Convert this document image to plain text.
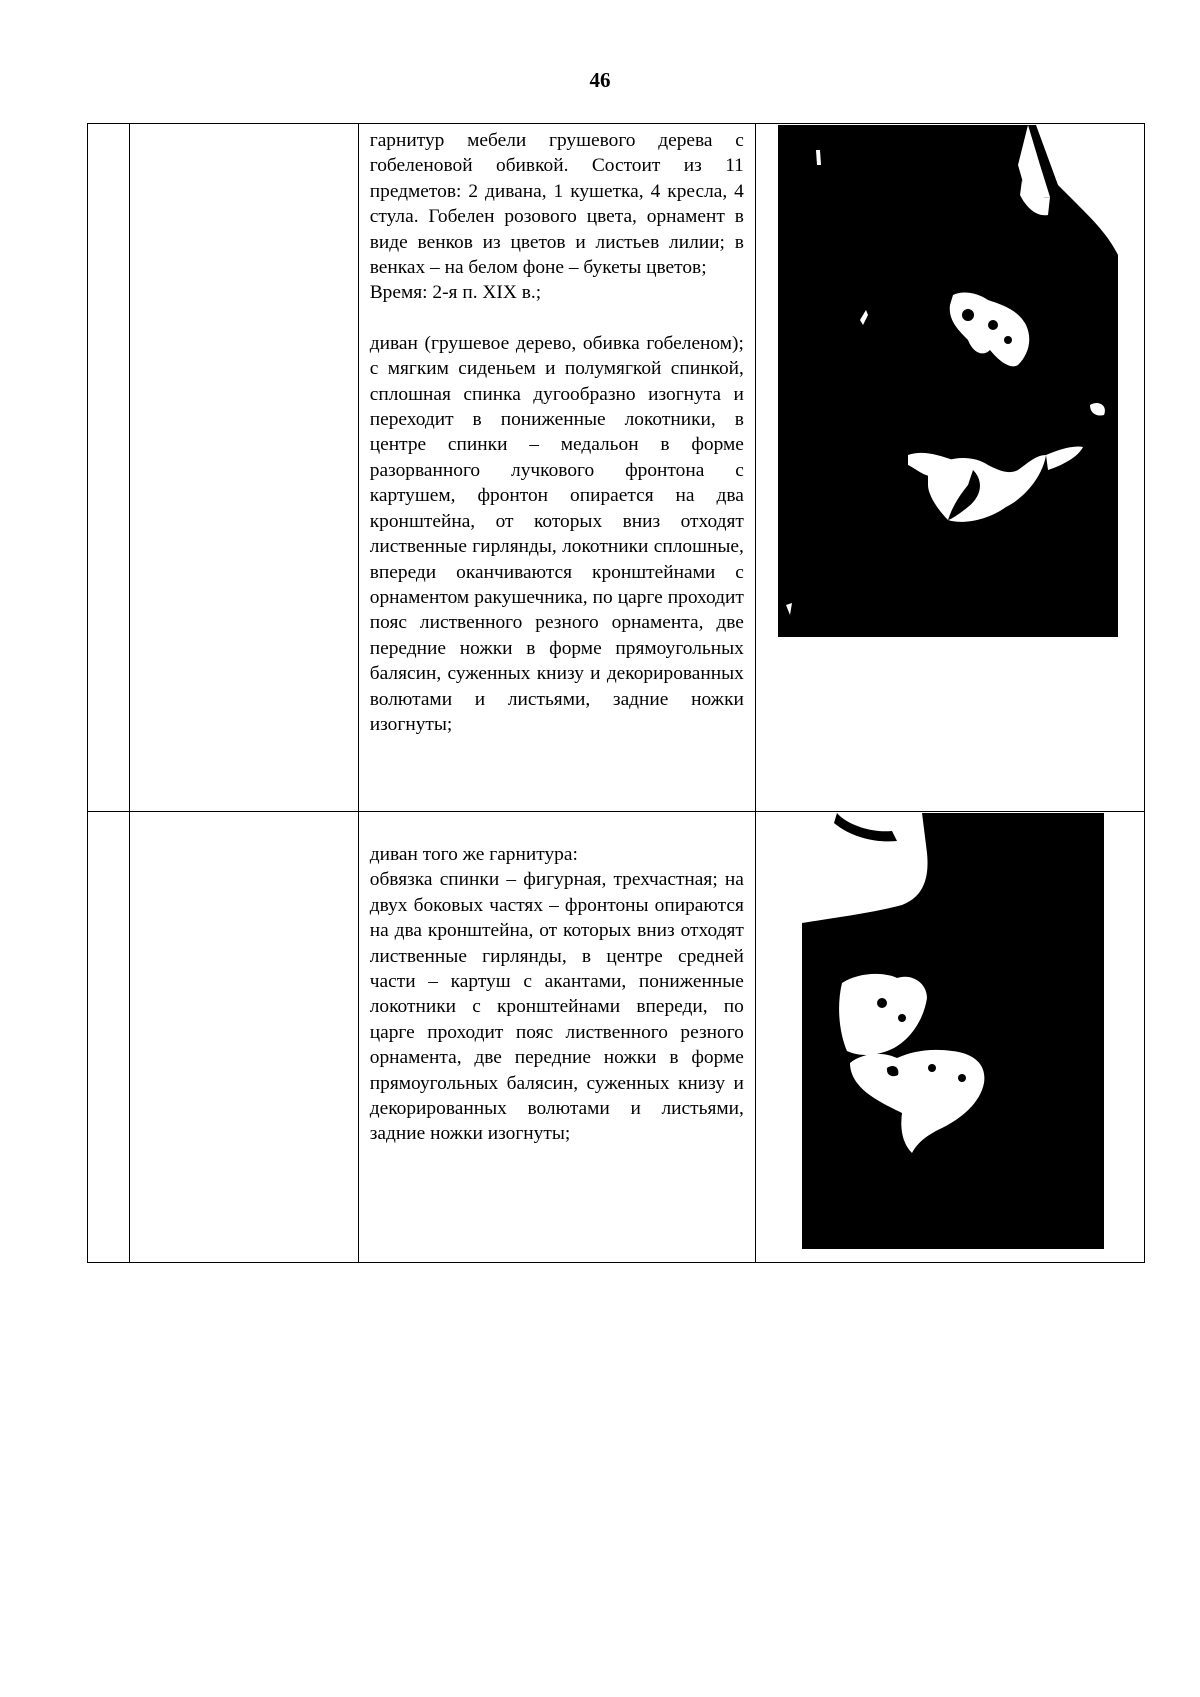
46

		гарнитур мебели грушевого дерева с гобеленовой обивкой. Состоит из 11 предметов: 2 дивана, 1 кушетка, 4 кресла, 4 стула. Гобелен розового цвета, орнамент в виде венков из цветов и листьев лилии; в венках – на белом фоне – букеты цветов;

Время: 2-я п. XIX в.;

диван (грушевое дерево, обивка гобеленом); с мягким сиденьем и полумягкой спинкой, сплошная спинка дугообразно изогнута и переходит в пониженные локотники, в центре спинки – медальон в форме разорванного лучкового фронтона с картушем, фронтон опирается на два кронштейна, от которых вниз отходят лиственные гирлянды, локотники сплошные, впереди оканчиваются кронштейнами с орнаментом ракушечника, по царге проходит пояс лиственного резного орнамента, две передние ножки в форме прямоугольных балясин, суженных книзу и декорированных волютами и листьями, задние ножки изогнуты;

		диван того же гарнитура:

обвязка спинки – фигурная, трехчастная; на двух боковых частях – фронтоны опираются на два кронштейна, от которых вниз отходят лиственные гирлянды, в центре средней части – картуш с акантами, пониженные локотники с кронштейнами впереди, по царге проходит пояс лиственного резного орнамента, две передние ножки в форме прямоугольных балясин, суженных книзу и декорированных волютами и листьями, задние ножки изогнуты;
